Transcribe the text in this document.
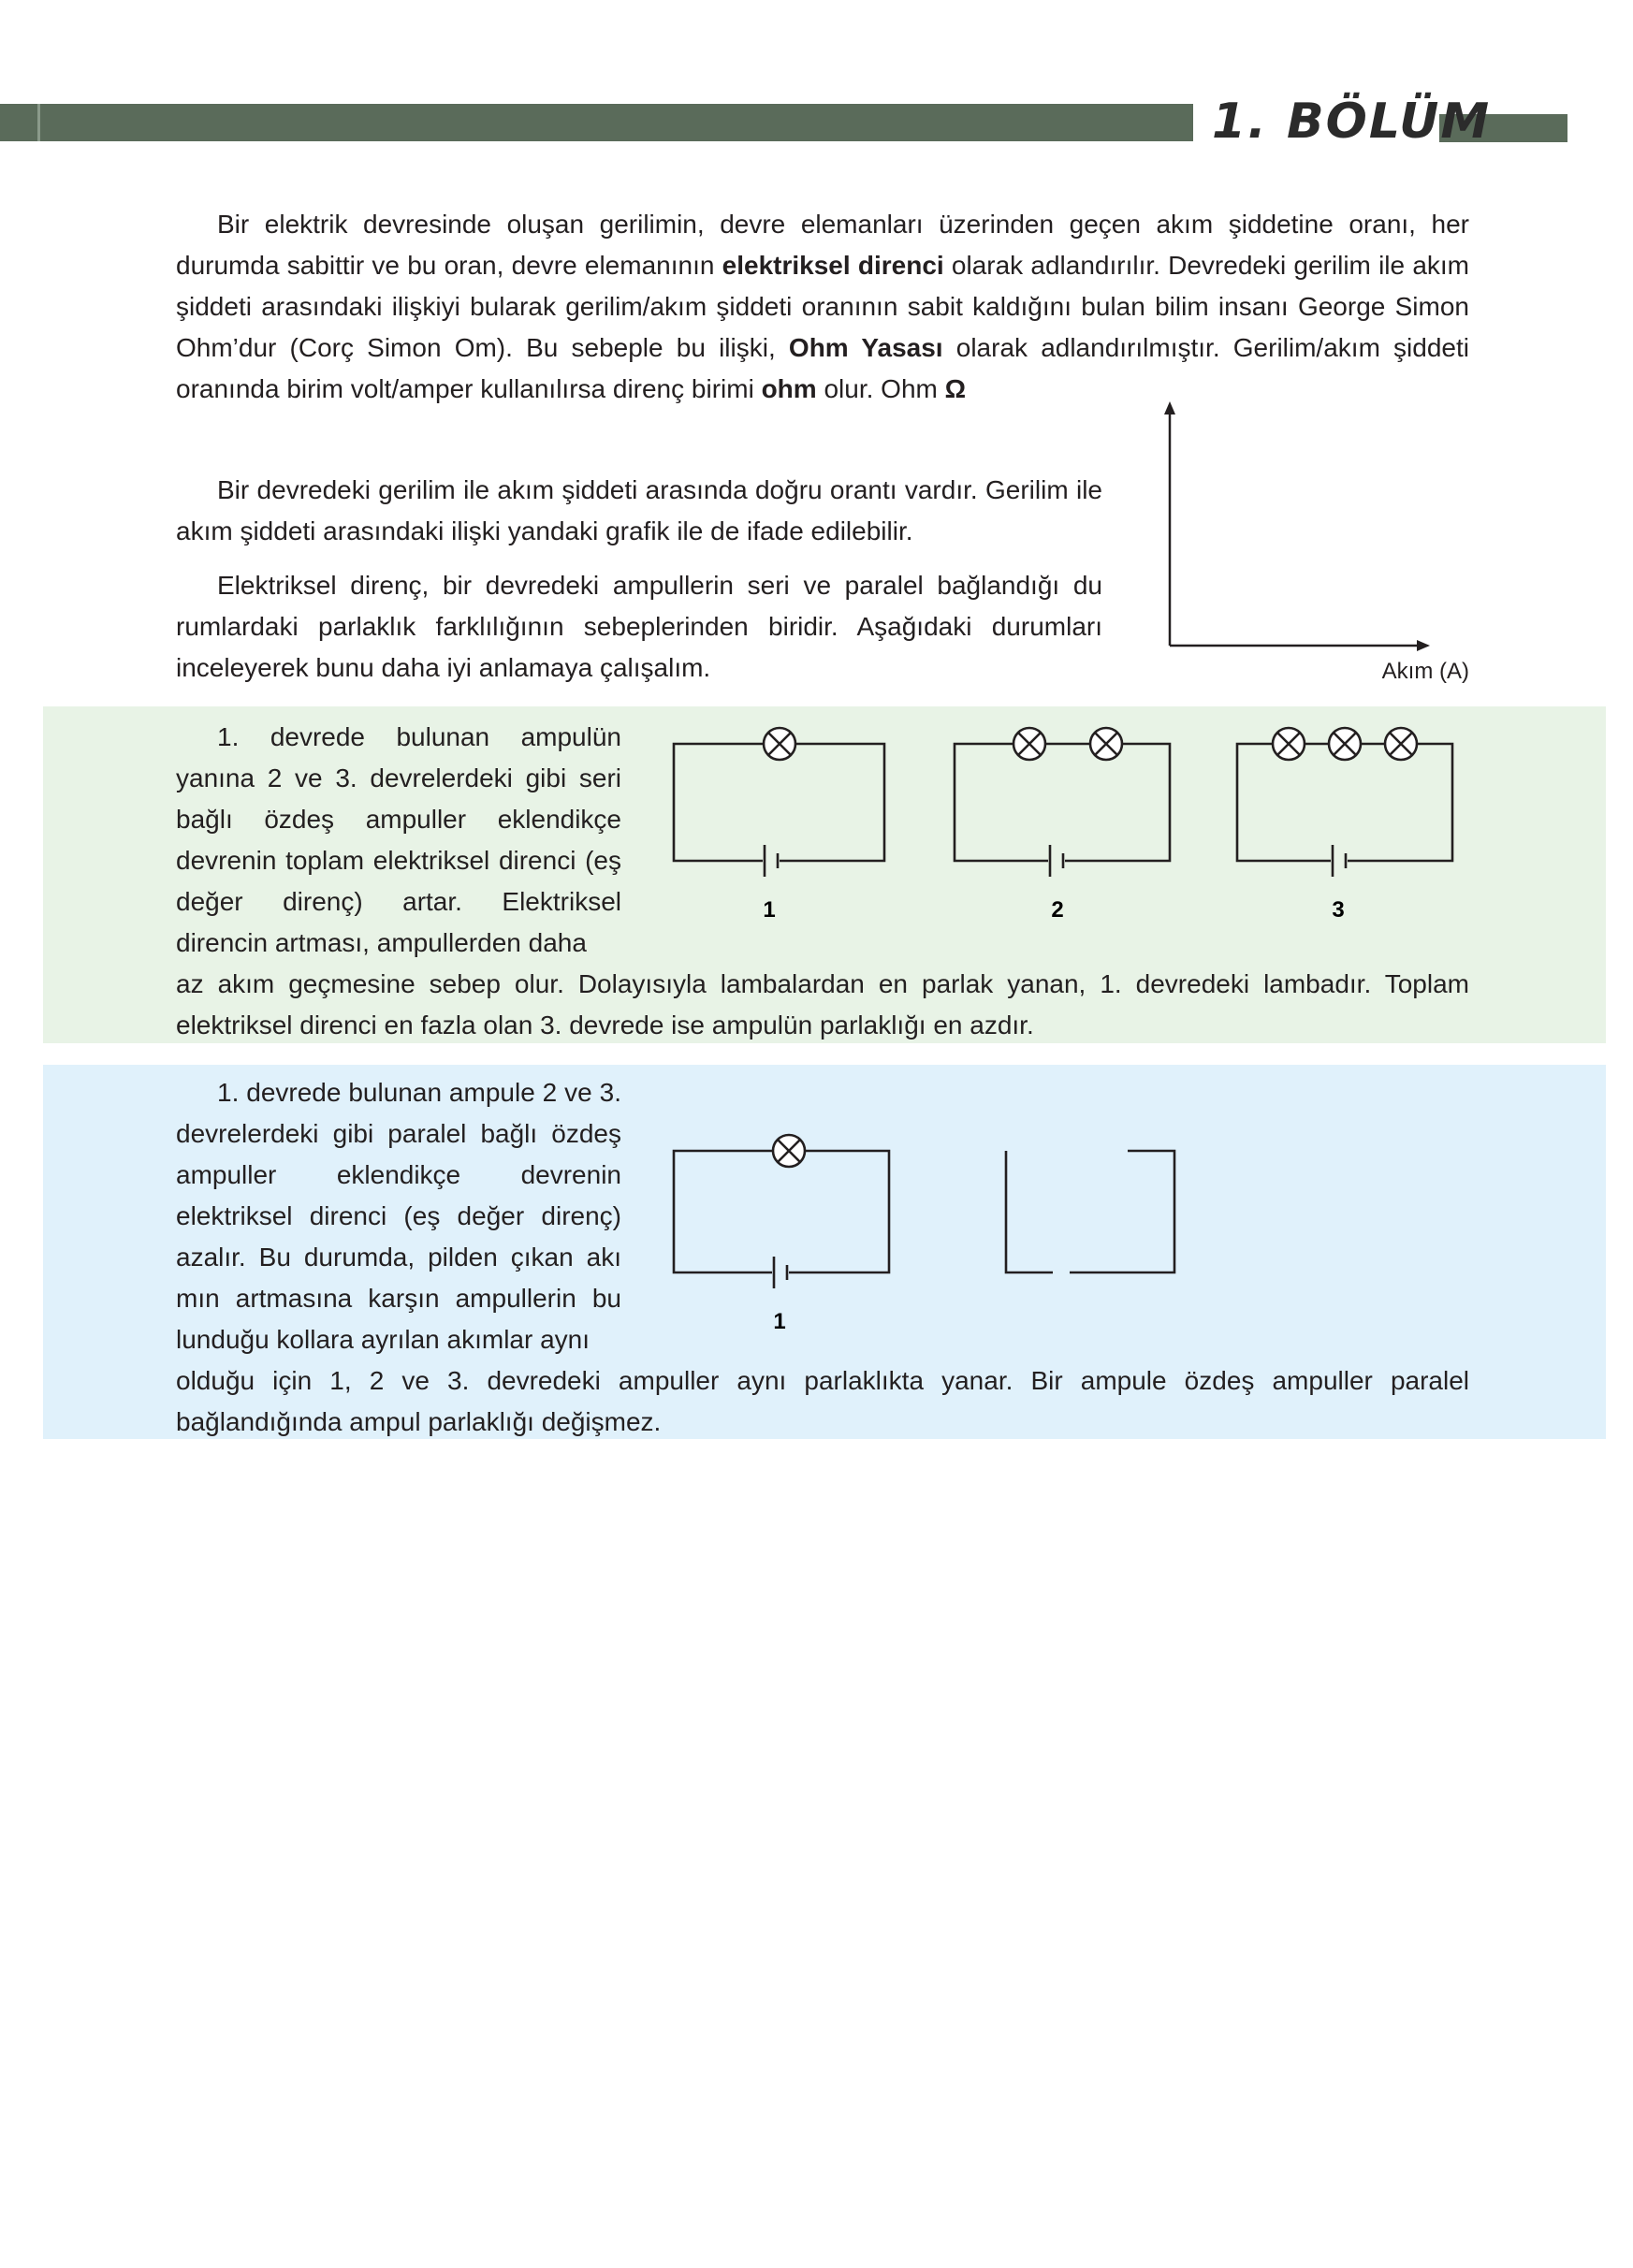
1. BÖLÜM

Bir elektrik devresinde oluşan gerilimin, devre elemanları üzerinden geçen akım şiddetine oranı, her durumda sabittir ve bu oran, devre elemanının elektriksel direnci olarak adlandırılır. Devredeki gerilim ile akım şiddeti arasındaki ilişkiyi bularak gerilim/akım şiddeti oranının sabit kaldığını bulan bilim insanı George Simon Ohm’dur (Corç Simon Om). Bu sebeple bu ilişki, Ohm Yasası olarak adlandırılmıştır. Gerilim/akım şiddeti oranında birim volt/amper kullanılırsa direnç birimi ohm olur. Ohm Ω

Bir devredeki gerilim ile akım şiddeti arasında doğru orantı vardır. Gerilim ile akım şiddeti arasındaki ilişki yandaki grafik ile de ifade edilebilir.

Elektriksel direnç, bir devredeki ampullerin seri ve paralel bağlandığı du rumlardaki parlaklık farklılığının sebeplerinden biridir. Aşağıdaki durumları inceleyerek bunu daha iyi anlamaya çalışalım.	Akım (A)

1. devrede bulunan ampulün yanına 2 ve 3. devrelerdeki gibi seri bağlı özdeş ampuller eklendikçe devrenin toplam elektriksel direnci (eş değer direnç) artar. Elektriksel direncin artması, ampullerden daha

az akım geçmesine sebep olur. Dolayısıyla lambalardan en parlak yanan, 1. devredeki lambadır. Toplam elektriksel direnci en fazla olan 3. devrede ise ampulün parlaklığı en azdır.

1	2	3

1. devrede bulunan ampule 2 ve 3. devrelerdeki gibi paralel bağlı özdeş ampuller eklendikçe devrenin elektriksel direnci (eş değer direnç) azalır. Bu durumda, pilden çıkan akı mın artmasına karşın ampullerin bu lunduğu kollara ayrılan akımlar aynı

olduğu için 1, 2 ve 3. devredeki ampuller aynı parlaklıkta yanar. Bir ampule özdeş ampuller paralel bağlandığında ampul parlaklığı değişmez.

1
